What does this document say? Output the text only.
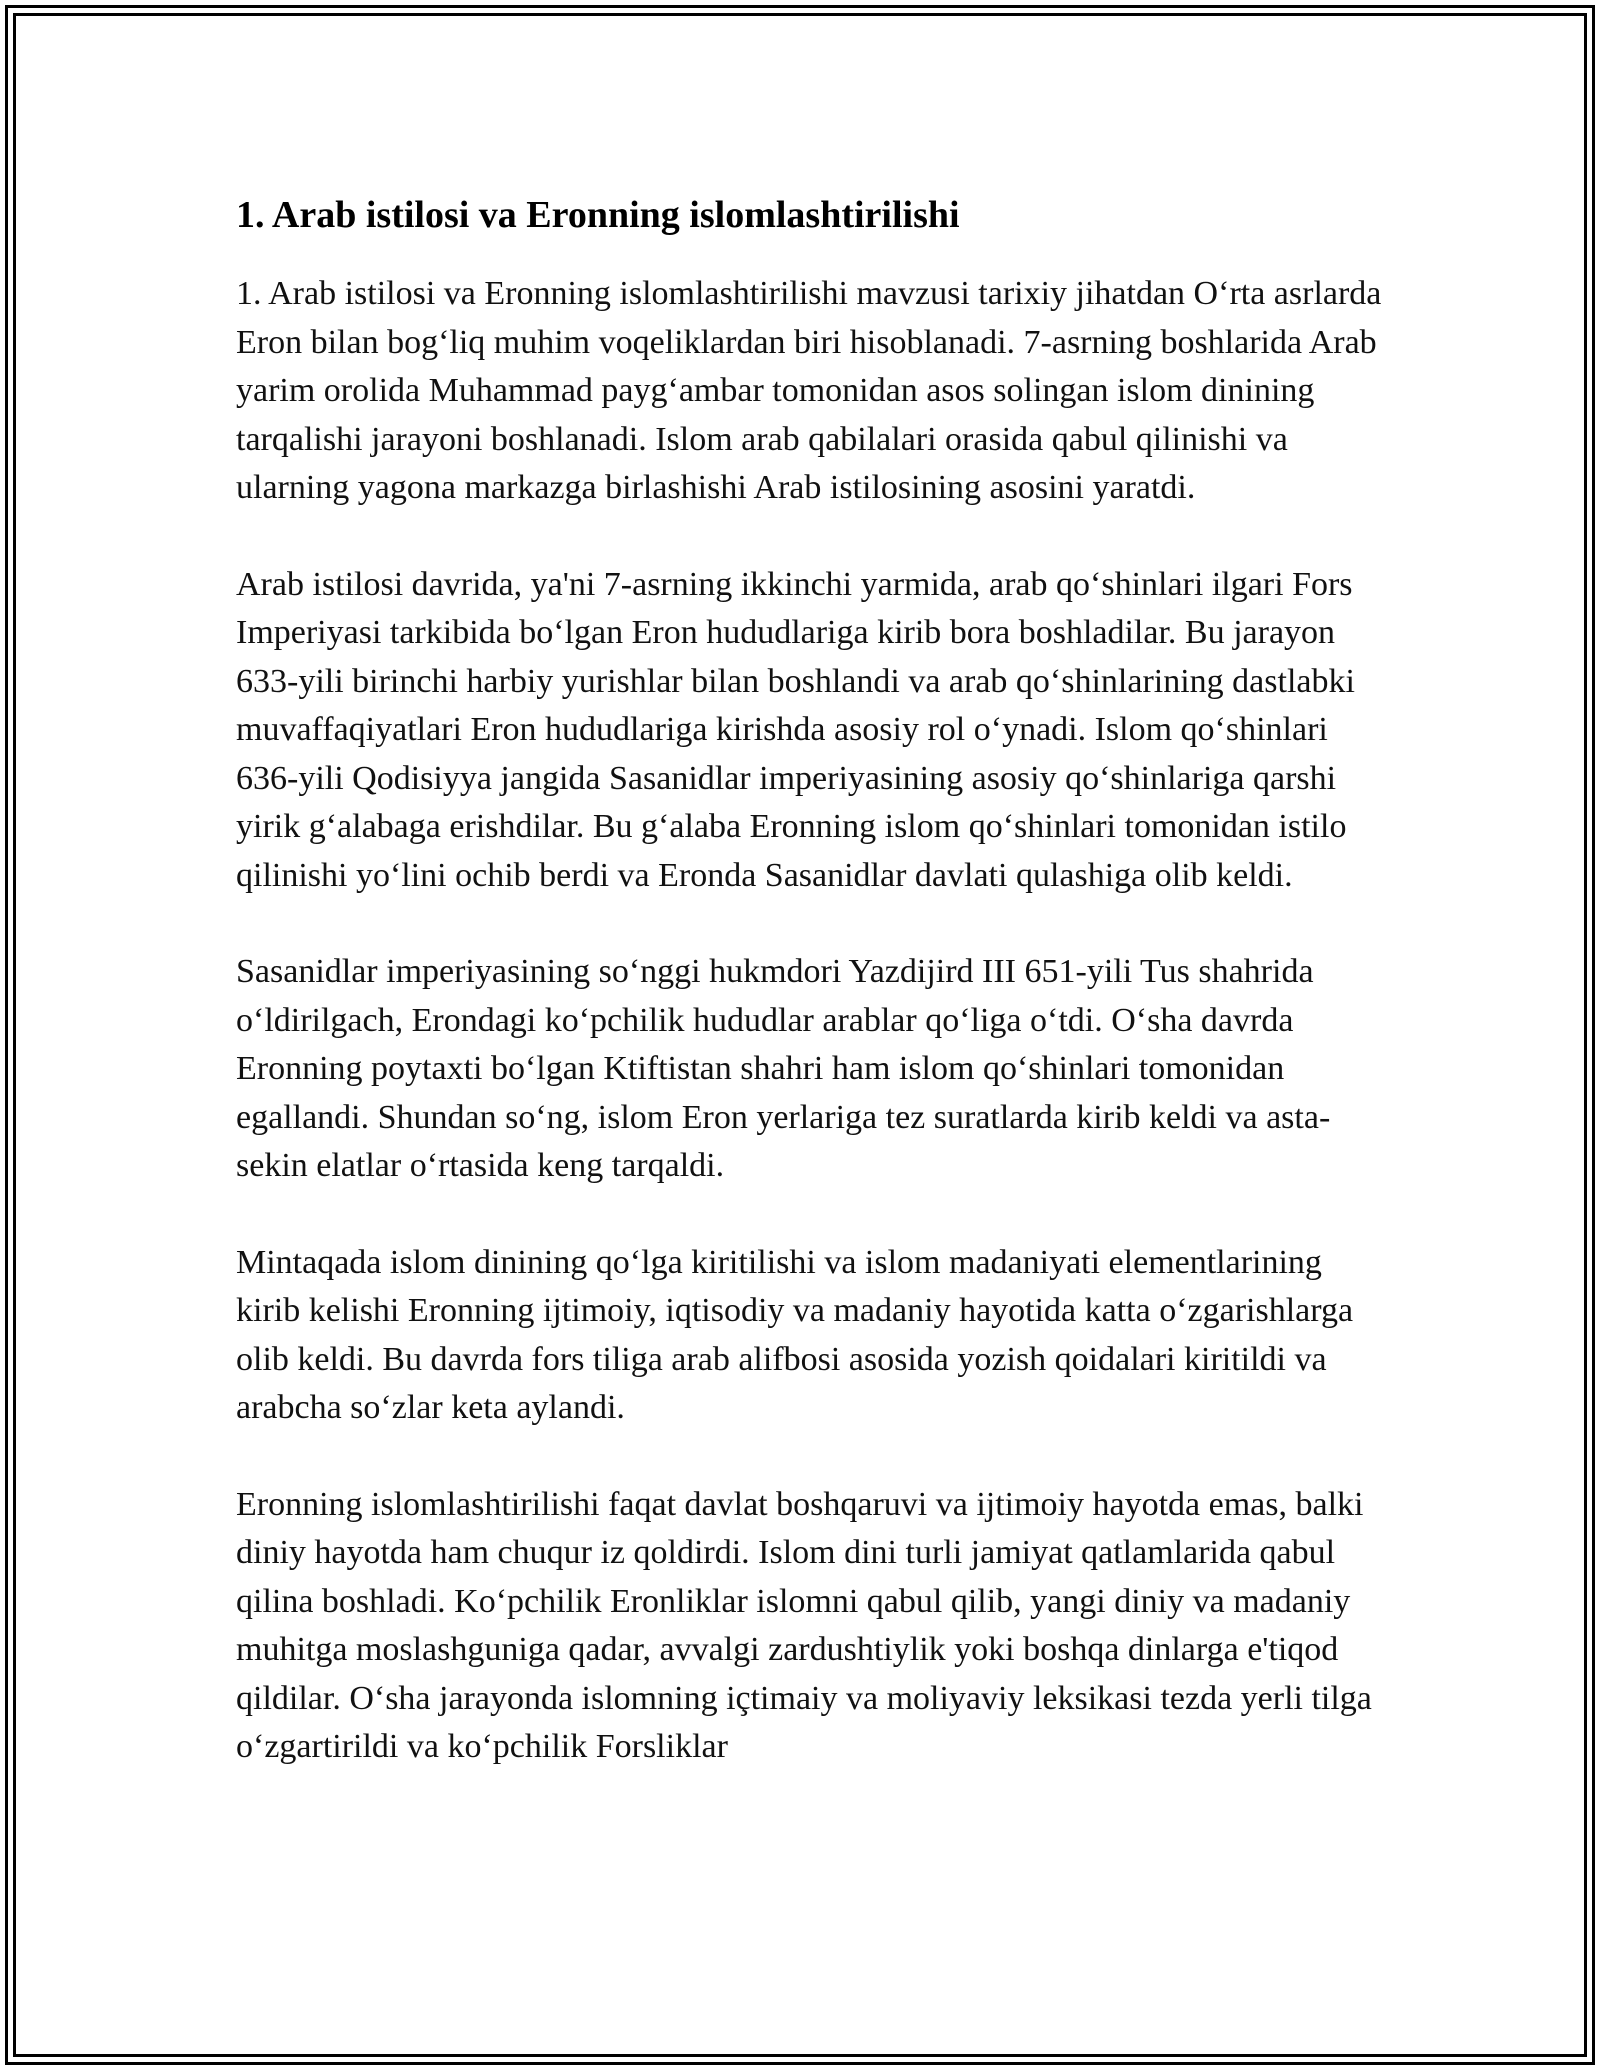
1. Arab istilosi va Eronning islomlashtirilishi

1. Arab istilosi va Eronning islomlashtirilishi mavzusi tarixiy jihatdan O‘rta asrlarda Eron bilan bog‘liq muhim voqeliklardan biri hisoblanadi. 7-asrning boshlarida Arab yarim orolida Muhammad payg‘ambar tomonidan asos solingan islom dinining tarqalishi jarayoni boshlanadi. Islom arab qabilalari orasida qabul qilinishi va ularning yagona markazga birlashishi Arab istilosining asosini yaratdi.

Arab istilosi davrida, ya'ni 7-asrning ikkinchi yarmida, arab qo‘shinlari ilgari Fors Imperiyasi tarkibida bo‘lgan Eron hududlariga kirib bora boshladilar. Bu jarayon 633-yili birinchi harbiy yurishlar bilan boshlandi va arab qo‘shinlarining dastlabki muvaffaqiyatlari Eron hududlariga kirishda asosiy rol o‘ynadi. Islom qo‘shinlari 636-yili Qodisiyya jangida Sasanidlar imperiyasining asosiy qo‘shinlariga qarshi yirik g‘alabaga erishdilar. Bu g‘alaba Eronning islom qo‘shinlari tomonidan istilo qilinishi yo‘lini ochib berdi va Eronda Sasanidlar davlati qulashiga olib keldi.

Sasanidlar imperiyasining so‘nggi hukmdori Yazdijird III 651-yili Tus shahrida o‘ldirilgach, Erondagi ko‘pchilik hududlar arablar qo‘liga o‘tdi. O‘sha davrda Eronning poytaxti bo‘lgan Ktiftistan shahri ham islom qo‘shinlari tomonidan egallandi. Shundan so‘ng, islom Eron yerlariga tez suratlarda kirib keldi va asta-sekin elatlar o‘rtasida keng tarqaldi.

Mintaqada islom dinining qo‘lga kiritilishi va islom madaniyati elementlarining kirib kelishi Eronning ijtimoiy, iqtisodiy va madaniy hayotida katta o‘zgarishlarga olib keldi. Bu davrda fors tiliga arab alifbosi asosida yozish qoidalari kiritildi va arabcha so‘zlar keta aylandi.

Eronning islomlashtirilishi faqat davlat boshqaruvi va ijtimoiy hayotda emas, balki diniy hayotda ham chuqur iz qoldirdi. Islom dini turli jamiyat qatlamlarida qabul qilina boshladi. Ko‘pchilik Eronliklar islomni qabul qilib, yangi diniy va madaniy muhitga moslashguniga qadar, avvalgi zardushtiylik yoki boshqa dinlarga e'tiqod qildilar. O‘sha jarayonda islomning içtimaiy va moliyaviy leksikasi tezda yerli tilga o‘zgartirildi va ko‘pchilik Forsliklar
